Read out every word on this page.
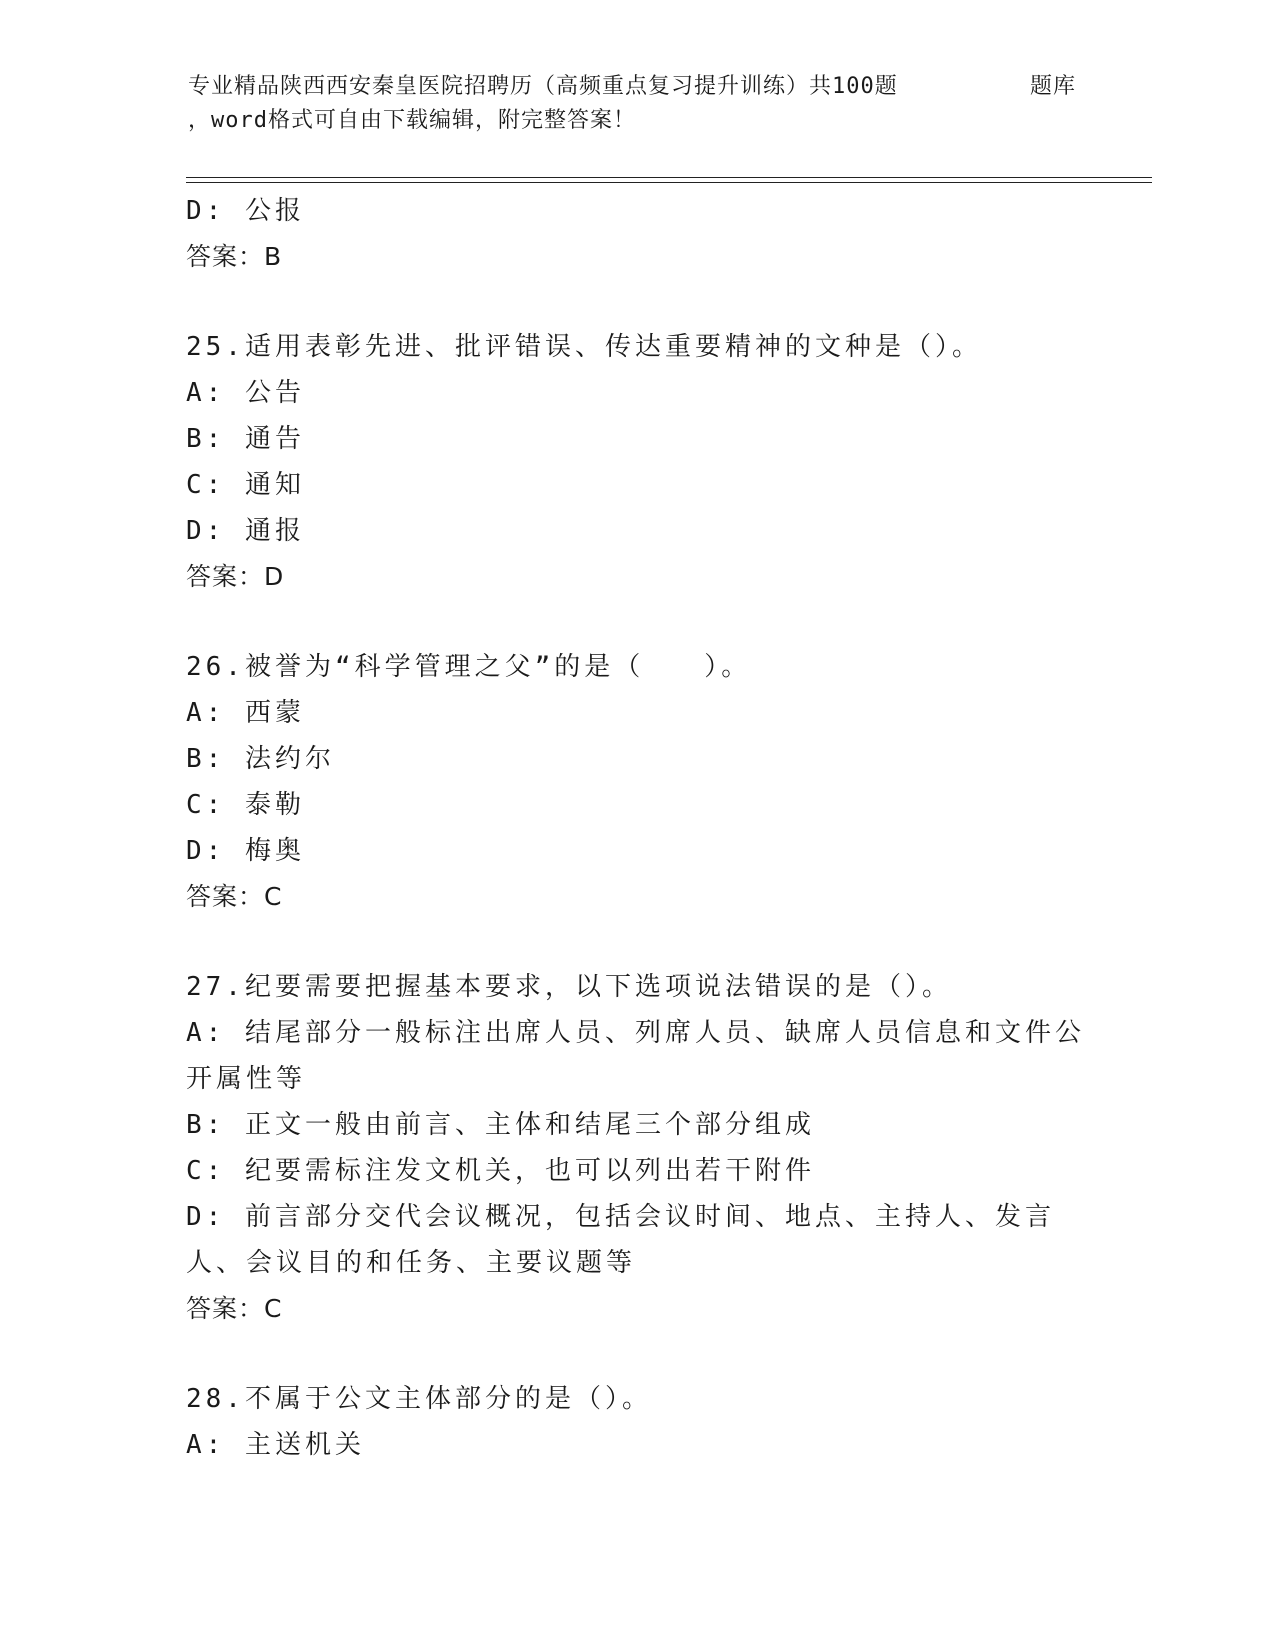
专业精品陕西西安秦皇医院招聘历（高频重点复习提升训练）共100题	题库
，word格式可自由下载编辑，附完整答案！
D: 公报
答案：B
25.适用表彰先进、批评错误、传达重要精神的文种是（）。
A: 公告
B: 通告
C: 通知
D: 通报
答案：D
26.被誉为“科学管理之父”的是（　　）。
A: 西蒙
B: 法约尔
C: 泰勒
D: 梅奥
答案：C
27.纪要需要把握基本要求，以下选项说法错误的是（）。
A: 结尾部分一般标注出席人员、列席人员、缺席人员信息和文件公开属性等
B: 正文一般由前言、主体和结尾三个部分组成
C: 纪要需标注发文机关，也可以列出若干附件
D: 前言部分交代会议概况，包括会议时间、地点、主持人、发言人、会议目的和任务、主要议题等
答案：C
28.不属于公文主体部分的是（）。
A: 主送机关
